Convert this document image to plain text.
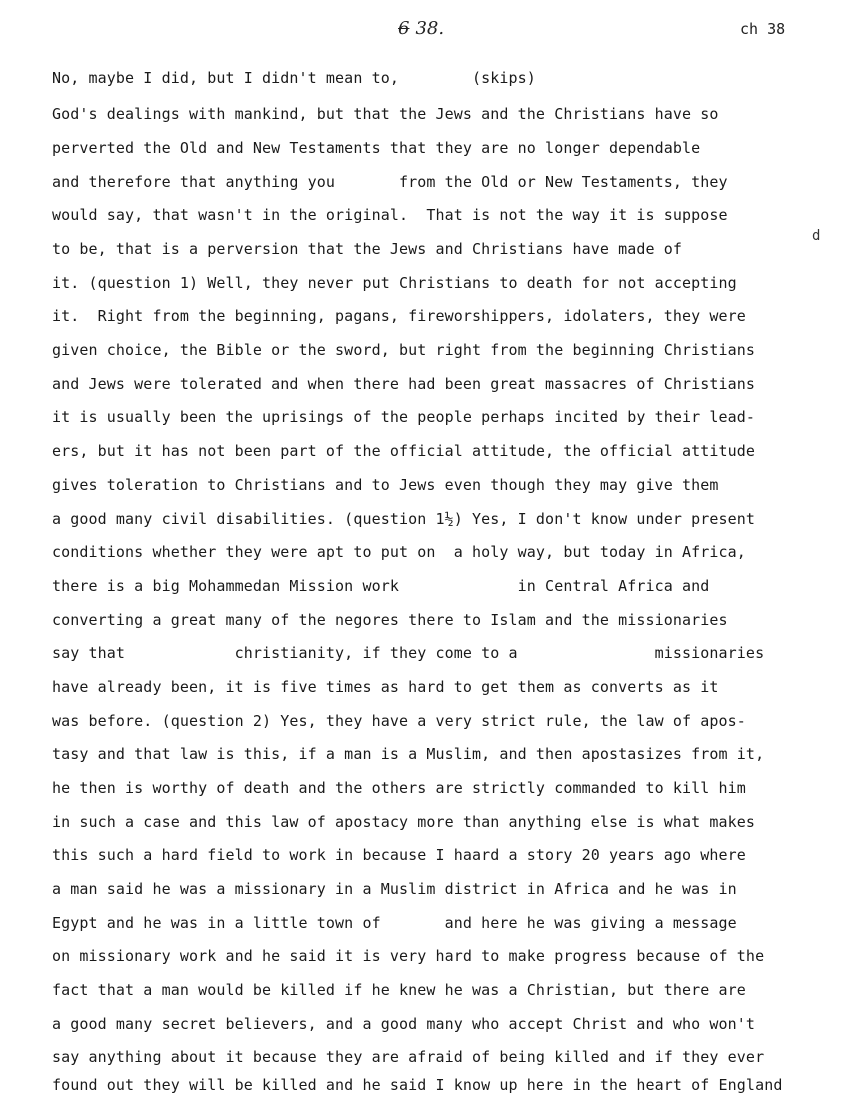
6 38.	ch 38
d
No, maybe I did, but I didn't mean to,        (skips)
God's dealings with mankind, but that the Jews and the Christians have so
perverted the Old and New Testaments that they are no longer dependable
and therefore that anything you       from the Old or New Testaments, they
would say, that wasn't in the original.  That is not the way it is suppose
to be, that is a perversion that the Jews and Christians have made of
it. (question 1) Well, they never put Christians to death for not accepting
it.  Right from the beginning, pagans, fireworshippers, idolaters, they were
given choice, the Bible or the sword, but right from the beginning Christians
and Jews were tolerated and when there had been great massacres of Christians
it is usually been the uprisings of the people perhaps incited by their lead-
ers, but it has not been part of the official attitude, the official attitude
gives toleration to Christians and to Jews even though they may give them
a good many civil disabilities. (question 1½) Yes, I don't know under present
conditions whether they were apt to put on  a holy way, but today in Africa,
there is a big Mohammedan Mission work             in Central Africa and
converting a great many of the negores there to Islam and the missionaries
say that            christianity, if they come to a               missionaries
have already been, it is five times as hard to get them as converts as it
was before. (question 2) Yes, they have a very strict rule, the law of apos-
tasy and that law is this, if a man is a Muslim, and then apostasizes from it,
he then is worthy of death and the others are strictly commanded to kill him
in such a case and this law of apostacy more than anything else is what makes
this such a hard field to work in because I haard a story 20 years ago where
a man said he was a missionary in a Muslim district in Africa and he was in
Egypt and he was in a little town of       and here he was giving a message
on missionary work and he said it is very hard to make progress because of the
fact that a man would be killed if he knew he was a Christian, but there are
a good many secret believers, and a good many who accept Christ and who won't
say anything about it because they are afraid of being killed and if they ever
found out they will be killed and he said I know up here in the heart of England
